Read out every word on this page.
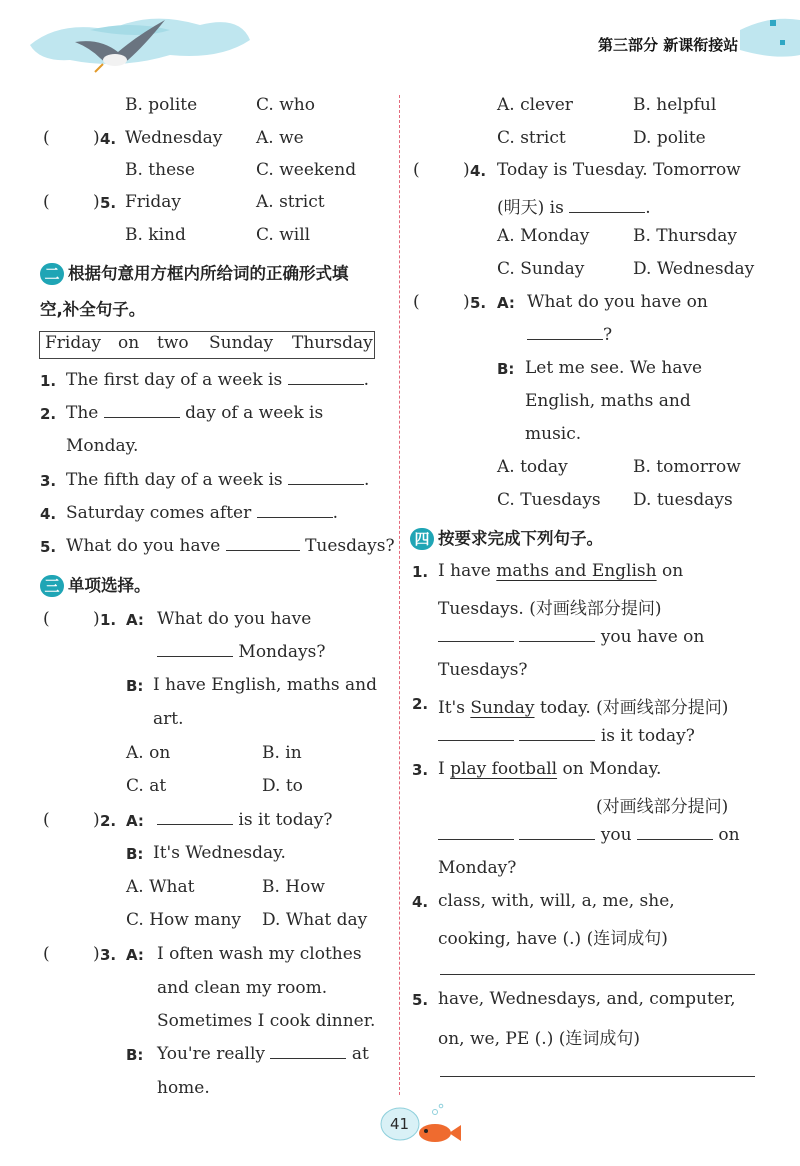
第三部分 新课衔接站
B. polite	C. who
(	) 4. Wednesday A. we
B. these	C. weekend
(	) 5. Friday	A. strict
B. kind	C. will
二 根据句意用方框内所给词的正确形式填
空,补全句子。
Friday on two Sunday Thursday
1. The first day of a week is	.
2. The	day of a week is
Monday.
3. The fifth day of a week is	.
4. Saturday comes after	.
5. What do you have	Tuesdays?
三 单项选择。
(	) 1. A: What do you have
Mondays?
B: I have English, maths and
art.
A. on	B. in
C. at	D. to
(	) 2. A:	is it today?
B: It's Wednesday.
A. What	B. How
C. How many D. What day
(	) 3. A: I often wash my clothes
and clean my room.
Sometimes I cook dinner.
B: You're really	at
home.
A. clever	B. helpful
C. strict	D. polite
(	) 4. Today is Tuesday. Tomorrow
(明天) is	.
A. Monday	B. Thursday
C. Sunday	D. Wednesday
(	) 5. A: What do you have on
?
B: Let me see. We have
English, maths and
music.
A. today	B. tomorrow
C. Tuesdays D. tuesdays
四 按要求完成下列句子。
1. I have maths and English on
Tuesdays. (对画线部分提问)
you have on
Tuesdays?
2. It's Sunday today. (对画线部分提问)
is it today?
3. I play football on Monday.
(对画线部分提问)
you	on
Monday?
4. class, with, will, a, me, she,
cooking, have (.) (连词成句)
5. have, Wednesdays, and, computer,
on, we, PE (.) (连词成句)
41
